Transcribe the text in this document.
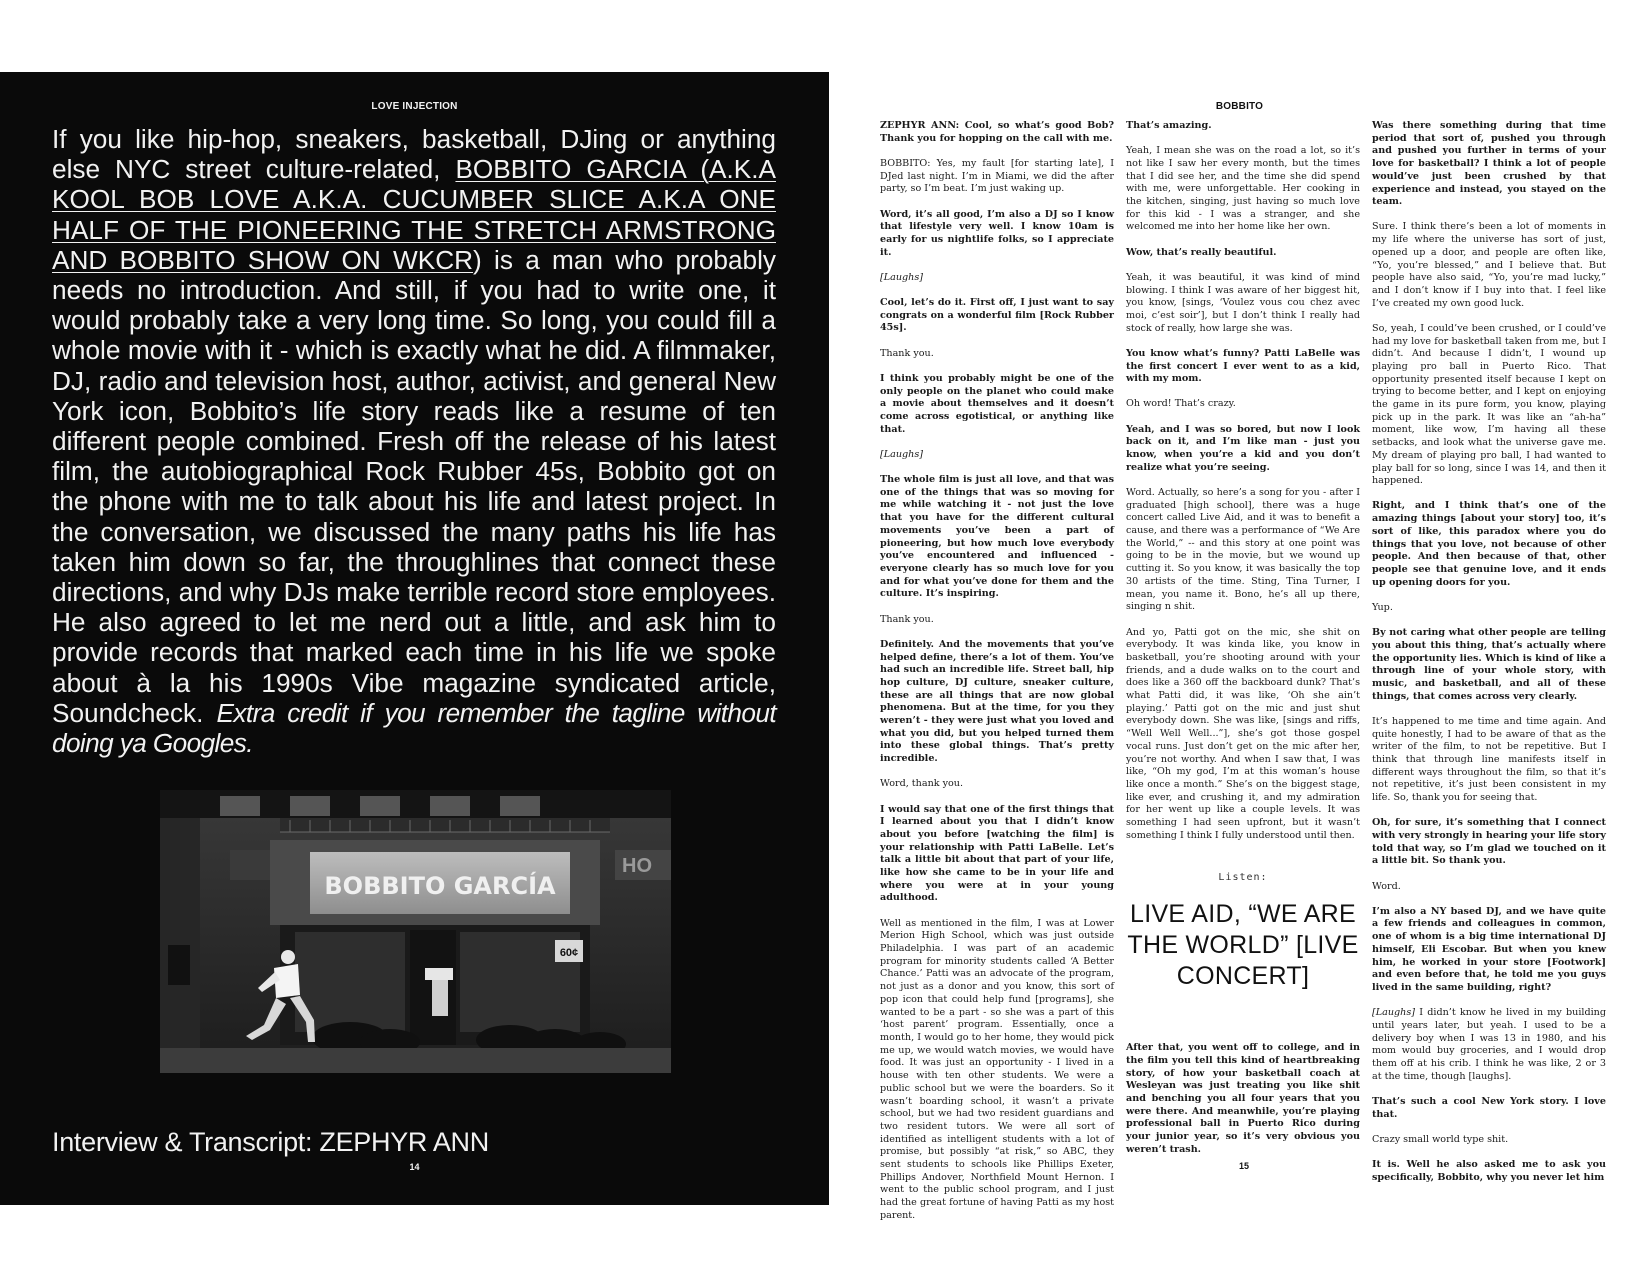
LOVE INJECTION
If you like hip-hop, sneakers, basketball, DJing or anything else NYC street culture-related, BOBBITO GARCIA (A.K.A KOOL BOB LOVE A.K.A. CUCUMBER SLICE A.K.A ONE HALF OF THE PIONEERING THE STRETCH ARMSTRONG AND BOBBITO SHOW ON WKCR) is a man who probably needs no introduction. And still, if you had to write one, it would probably take a very long time. So long, you could fill a whole movie with it - which is exactly what he did. A filmmaker, DJ, radio and television host, author, activist, and general New York icon, Bobbito’s life story reads like a resume of ten different people combined. Fresh off the release of his latest film, the autobiographical Rock Rubber 45s, Bobbito got on the phone with me to talk about his life and latest project. In the conversation, we discussed the many paths his life has taken him down so far, the throughlines that connect these directions, and why DJs make terrible record store employees. He also agreed to let me nerd out a little, and ask him to provide records that marked each time in his life we spoke about à la his 1990s Vibe magazine syndicated article, Soundcheck. Extra credit if you remember the tagline without doing ya Googles.
HO
BOBBITO GARCÍA
60¢
Interview & Transcript: ZEPHYR ANN
14
BOBBITO

ZEPHYR ANN: Cool, so what’s good Bob? Thank you for hopping on the call with me.

BOBBITO: Yes, my fault [for starting late], I DJed last night. I’m in Miami, we did the after party, so I’m beat. I’m just waking up.

Word, it’s all good, I’m also a DJ so I know that lifestyle very well. I know 10am is early for us nightlife folks, so I appreciate it.

[Laughs]

Cool, let’s do it. First off, I just want to say congrats on a wonderful film [Rock Rubber 45s].

Thank you.

I think you probably might be one of the only people on the planet who could make a movie about themselves and it doesn’t come across egotistical, or anything like that.

[Laughs]

The whole film is just all love, and that was one of the things that was so moving for me while watching it - not just the love that you have for the different cultural movements you’ve been a part of pioneering, but how much love everybody you’ve encountered and influenced - everyone clearly has so much love for you and for what you’ve done for them and the culture. It’s inspiring.

Thank you.

Definitely. And the movements that you’ve helped define, there’s a lot of them. You’ve had such an incredible life. Street ball, hip hop culture, DJ culture, sneaker culture, these are all things that are now global phenomena. But at the time, for you they weren’t - they were just what you loved and what you did, but you helped turned them into these global things. That’s pretty incredible.

Word, thank you.

I would say that one of the first things that I learned about you that I didn’t know about you before [watching the film] is your relationship with Patti LaBelle. Let’s talk a little bit about that part of your life, like how she came to be in your life and where you were at in your young adulthood.

Well as mentioned in the film, I was at Lower Merion High School, which was just outside Philadelphia. I was part of an academic program for minority students called ‘A Better Chance.’ Patti was an advocate of the program, not just as a donor and you know, this sort of pop icon that could help fund [programs], she wanted to be a part - so she was a part of this ‘host parent’ program. Essentially, once a month, I would go to her home, they would pick me up, we would watch movies, we would have food. It was just an opportunity - I lived in a house with ten other students. We were a public school but we were the boarders. So it wasn’t boarding school, it wasn’t a private school, but we had two resident guardians and two resident tutors. We were all sort of identified as intelligent students with a lot of promise, but possibly “at risk,” so ABC, they sent students to schools like Phillips Exeter, Phillips Andover, Northfield Mount Hernon. I went to the public school program, and I just had the great fortune of having Patti as my host parent.

That’s amazing.

Yeah, I mean she was on the road a lot, so it’s not like I saw her every month, but the times that I did see her, and the time she did spend with me, were unforgettable. Her cooking in the kitchen, singing, just having so much love for this kid - I was a stranger, and she welcomed me into her home like her own.

Wow, that’s really beautiful.

Yeah, it was beautiful, it was kind of mind blowing. I think I was aware of her biggest hit, you know, [sings, ‘Voulez vous cou chez avec moi, c’est soir’], but I don’t think I really had stock of really, how large she was.

You know what’s funny? Patti LaBelle was the first concert I ever went to as a kid, with my mom.

Oh word! That’s crazy.

Yeah, and I was so bored, but now I look back on it, and I’m like man - just you know, when you’re a kid and you don’t realize what you’re seeing.

Word. Actually, so here’s a song for you - after I graduated [high school], there was a huge concert called Live Aid, and it was to benefit a cause, and there was a performance of “We Are the World,” -- and this story at one point was going to be in the movie, but we wound up cutting it. So you know, it was basically the top 30 artists of the time. Sting, Tina Turner, I mean, you name it. Bono, he’s all up there, singing n shit.

And yo, Patti got on the mic, she shit on everybody. It was kinda like, you know in basketball, you’re shooting around with your friends, and a dude walks on to the court and does like a 360 off the backboard dunk? That’s what Patti did, it was like, ‘Oh she ain’t playing.’ Patti got on the mic and just shut everybody down. She was like, [sings and riffs, “Well Well Well...”], she’s got those gospel vocal runs. Just don’t get on the mic after her, you’re not worthy. And when I saw that, I was like, “Oh my god, I’m at this woman’s house like once a month.” She’s on the biggest stage, like ever, and crushing it, and my admiration for her went up like a couple levels. It was something I had seen upfront, but it wasn’t something I think I fully understood until then.

Listen:
LIVE AID, “WE ARE THE WORLD” [LIVE CONCERT]

After that, you went off to college, and in the film you tell this kind of heartbreaking story, of how your basketball coach at Wesleyan was just treating you like shit and benching you all four years that you were there. And meanwhile, you’re playing professional ball in Puerto Rico during your junior year, so it’s very obvious you weren’t trash.

Was there something during that time period that sort of, pushed you through and pushed you further in terms of your love for basketball? I think a lot of people would’ve just been crushed by that experience and instead, you stayed on the team.

Sure. I think there’s been a lot of moments in my life where the universe has sort of just, opened up a door, and people are often like, “Yo, you’re blessed,” and I believe that. But people have also said, “Yo, you’re mad lucky,” and I don’t know if I buy into that. I feel like I’ve created my own good luck.

So, yeah, I could’ve been crushed, or I could’ve had my love for basketball taken from me, but I didn’t. And because I didn’t, I wound up playing pro ball in Puerto Rico. That opportunity presented itself because I kept on trying to become better, and I kept on enjoying the game in its pure form, you know, playing pick up in the park. It was like an “ah-ha” moment, like wow, I’m having all these setbacks, and look what the universe gave me. My dream of playing pro ball, I had wanted to play ball for so long, since I was 14, and then it happened.

Right, and I think that’s one of the amazing things [about your story] too, it’s sort of like, this paradox where you do things that you love, not because of other people. And then because of that, other people see that genuine love, and it ends up opening doors for you.

Yup.

By not caring what other people are telling you about this thing, that’s actually where the opportunity lies. Which is kind of like a through line of your whole story, with music, and basketball, and all of these things, that comes across very clearly.

It’s happened to me time and time again. And quite honestly, I had to be aware of that as the writer of the film, to not be repetitive. But I think that through line manifests itself in different ways throughout the film, so that it’s not repetitive, it’s just been consistent in my life. So, thank you for seeing that.

Oh, for sure, it’s something that I connect with very strongly in hearing your life story told that way, so I’m glad we touched on it a little bit. So thank you.

Word.

I’m also a NY based DJ, and we have quite a few friends and colleagues in common, one of whom is a big time international DJ himself, Eli Escobar. But when you knew him, he worked in your store [Footwork] and even before that, he told me you guys lived in the same building, right?

[Laughs] I didn’t know he lived in my building until years later, but yeah. I used to be a delivery boy when I was 13 in 1980, and his mom would buy groceries, and I would drop them off at his crib. I think he was like, 2 or 3 at the time, though [laughs].

That’s such a cool New York story. I love that.

Crazy small world type shit.

It is. Well he also asked me to ask you specifically, Bobbito, why you never let him

15
